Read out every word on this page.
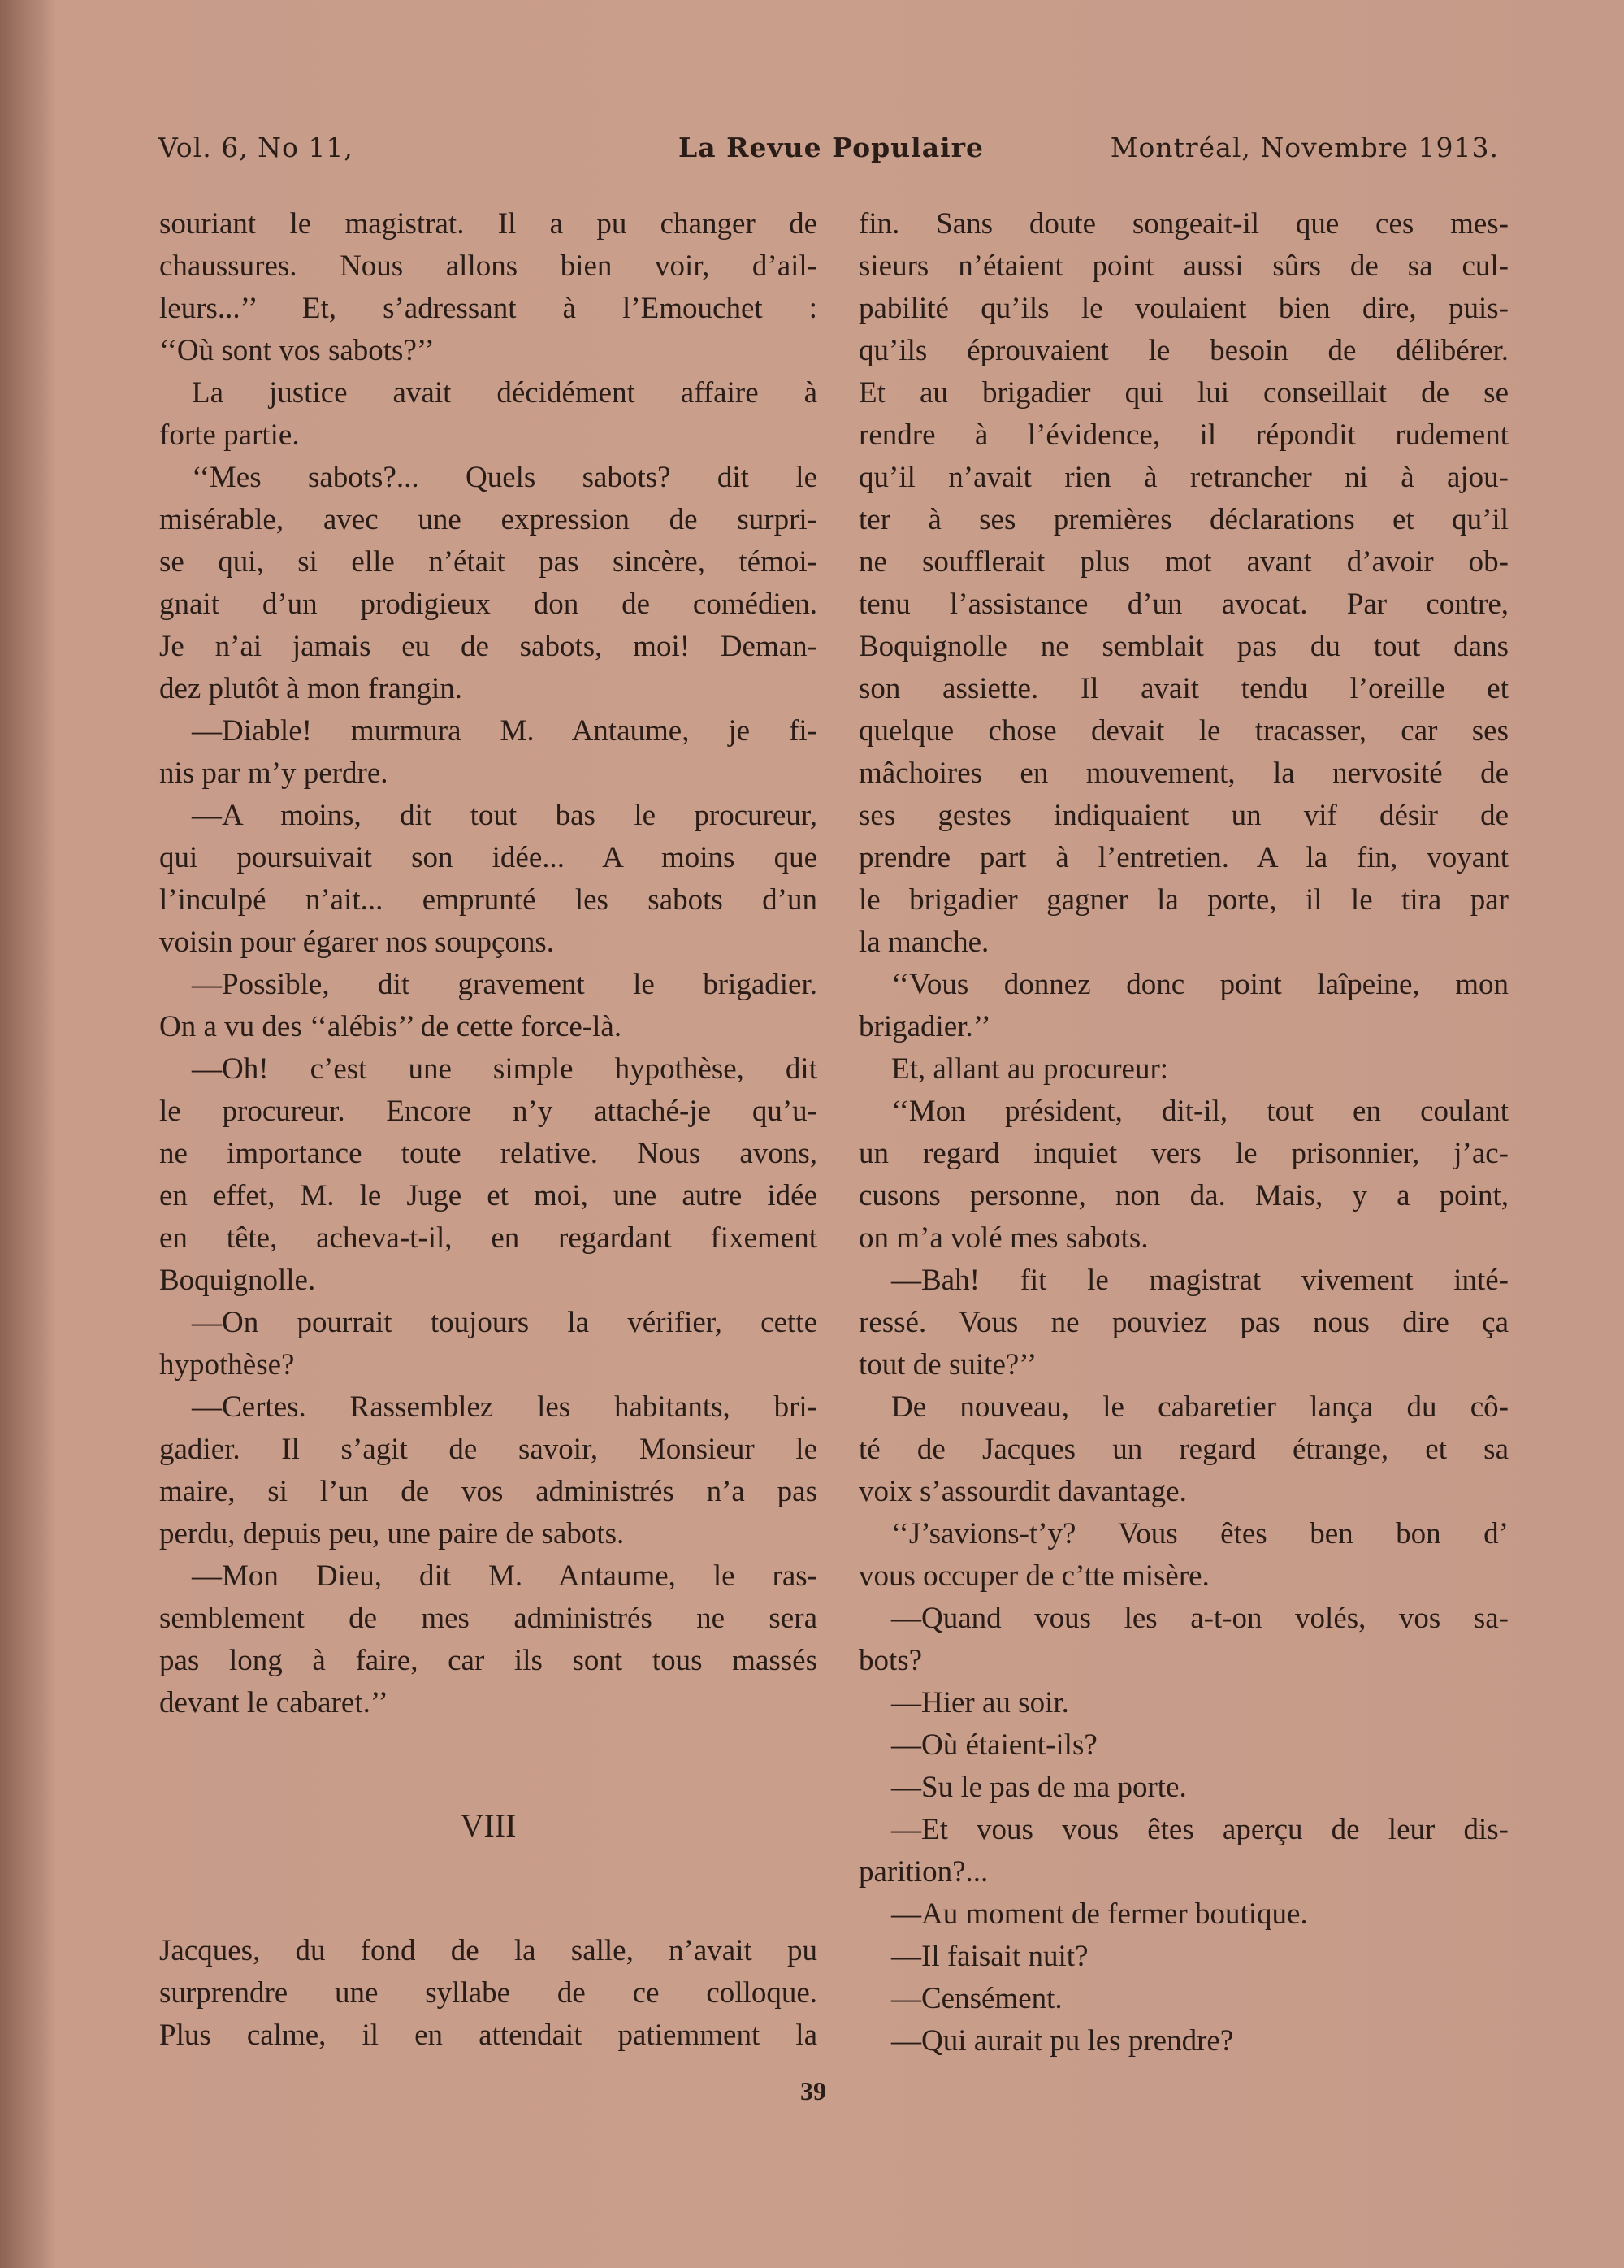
Vol. 6, No 11,	La Revue Populaire	Montréal, Novembre 1913.
souriant le magistrat. Il a pu changer de
chaussures. Nous allons bien voir, d’ail-
leurs...’’ Et, s’adressant à l’Emouchet :
‘‘Où sont vos sabots?’’
La justice avait décidément affaire à
forte partie.
‘‘Mes sabots?... Quels sabots? dit le
misérable, avec une expression de surpri-
se qui, si elle n’était pas sincère, témoi-
gnait d’un prodigieux don de comédien.
Je n’ai jamais eu de sabots, moi! Deman-
dez plutôt à mon frangin.
—Diable! murmura M. Antaume, je fi-
nis par m’y perdre.
—A moins, dit tout bas le procureur,
qui poursuivait son idée... A moins que
l’inculpé n’ait... emprunté les sabots d’un
voisin pour égarer nos soupçons.
—Possible, dit gravement le brigadier.
On a vu des ‘‘alébis’’ de cette force-là.
—Oh! c’est une simple hypothèse, dit
le procureur. Encore n’y attaché-je qu’u-
ne importance toute relative. Nous avons,
en effet, M. le Juge et moi, une autre idée
en tête, acheva-t-il, en regardant fixement
Boquignolle.
—On pourrait toujours la vérifier, cette
hypothèse?
—Certes. Rassemblez les habitants, bri-
gadier. Il s’agit de savoir, Monsieur le
maire, si l’un de vos administrés n’a pas
perdu, depuis peu, une paire de sabots.
—Mon Dieu, dit M. Antaume, le ras-
semblement de mes administrés ne sera
pas long à faire, car ils sont tous massés
devant le cabaret.’’
VIII
Jacques, du fond de la salle, n’avait pu
surprendre une syllabe de ce colloque.
Plus calme, il en attendait patiemment la
fin. Sans doute songeait-il que ces mes-
sieurs n’étaient point aussi sûrs de sa cul-
pabilité qu’ils le voulaient bien dire, puis-
qu’ils éprouvaient le besoin de délibérer.
Et au brigadier qui lui conseillait de se
rendre à l’évidence, il répondit rudement
qu’il n’avait rien à retrancher ni à ajou-
ter à ses premières déclarations et qu’il
ne soufflerait plus mot avant d’avoir ob-
tenu l’assistance d’un avocat. Par contre,
Boquignolle ne semblait pas du tout dans
son assiette. Il avait tendu l’oreille et
quelque chose devait le tracasser, car ses
mâchoires en mouvement, la nervosité de
ses gestes indiquaient un vif désir de
prendre part à l’entretien. A la fin, voyant
le brigadier gagner la porte, il le tira par
la manche.
‘‘Vous donnez donc point laîpeine, mon
brigadier.’’
Et, allant au procureur:
‘‘Mon président, dit-il, tout en coulant
un regard inquiet vers le prisonnier, j’ac-
cusons personne, non da. Mais, y a point,
on m’a volé mes sabots.
—Bah! fit le magistrat vivement inté-
ressé. Vous ne pouviez pas nous dire ça
tout de suite?’’
De nouveau, le cabaretier lança du cô-
té de Jacques un regard étrange, et sa
voix s’assourdit davantage.
‘‘J’savions-t’y? Vous êtes ben bon d’
vous occuper de c’tte misère.
—Quand vous les a-t-on volés, vos sa-
bots?
—Hier au soir.
—Où étaient-ils?
—Su le pas de ma porte.
—Et vous vous êtes aperçu de leur dis-
parition?...
—Au moment de fermer boutique.
—Il faisait nuit?
—Censément.
—Qui aurait pu les prendre?
39
